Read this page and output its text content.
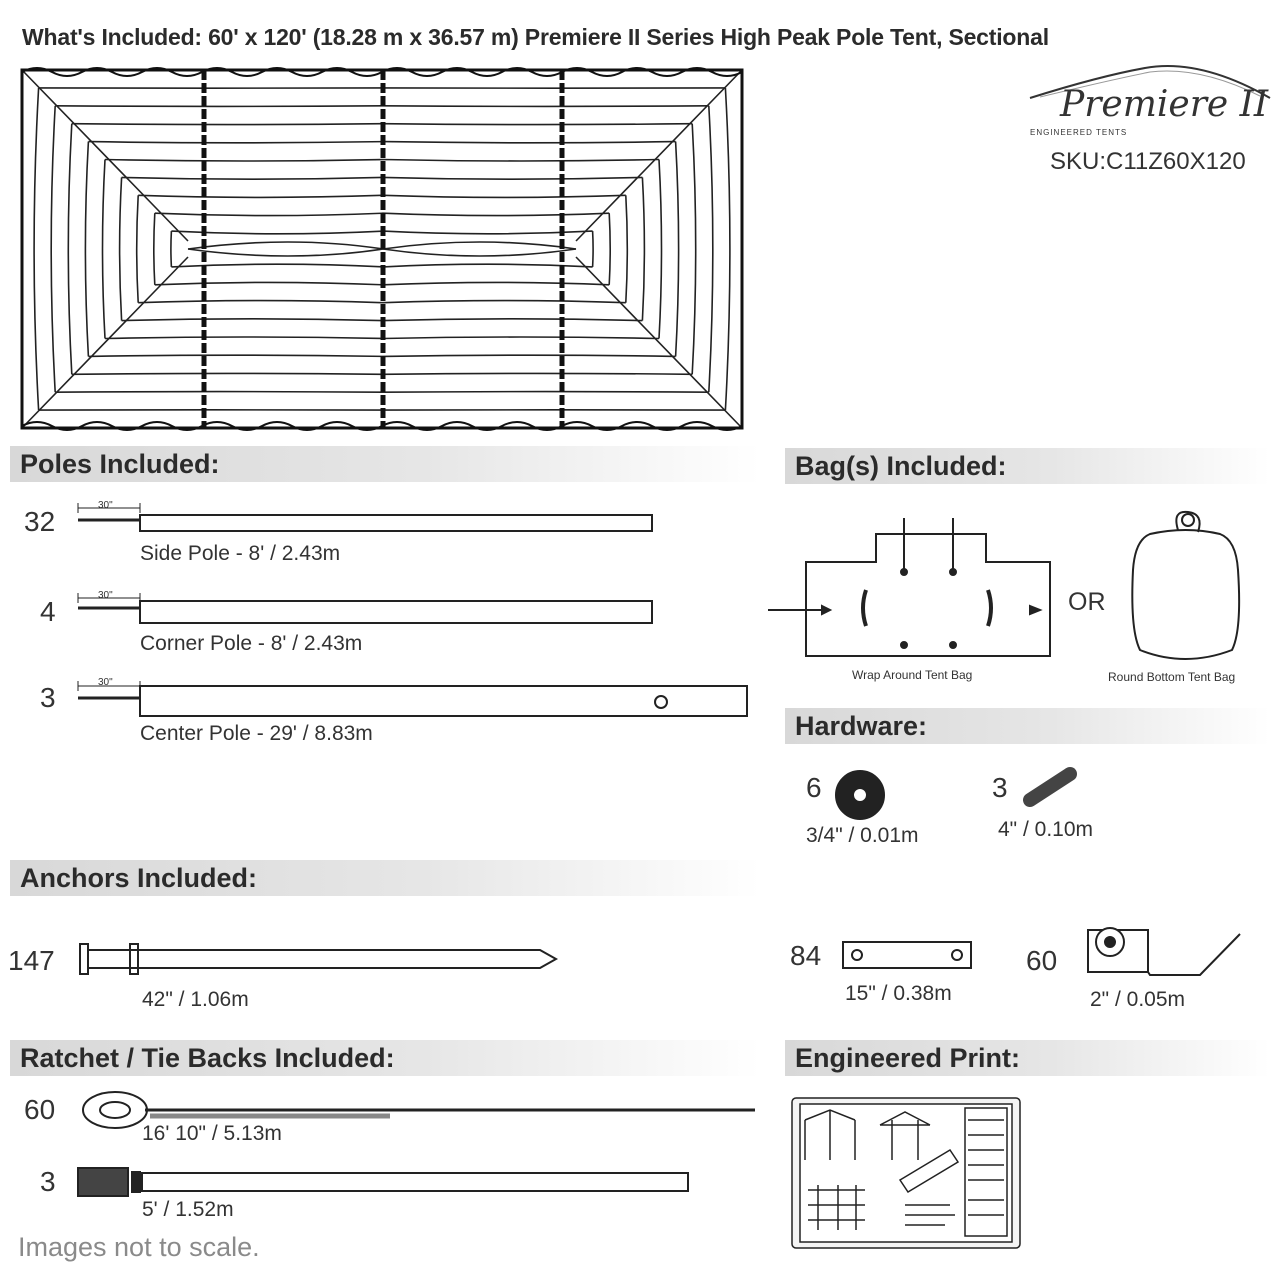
What's Included: 60' x 120' (18.28 m x 36.57 m) Premiere II Series High Peak Pole Tent, Sectional
Premiere II
ENGINEERED TENTS
SKU:C11Z60X120
Poles Included:	Bag(s) Included:
Hardware:
Anchors Included:
Ratchet / Tie Backs Included:	Engineered Print:
30"
32
Side Pole - 8' / 2.43m
30"
4
Corner Pole - 8' / 2.43m
30"
3
Center Pole - 29' / 8.83m
OR
Wrap Around Tent Bag	Round Bottom Tent Bag
6
3/4" / 0.01m
3
4" / 0.10m
147
42" / 1.06m
84
15" / 0.38m
60
2" / 0.05m
60
16' 10" / 5.13m
3
5' / 1.52m
Images not to scale.
